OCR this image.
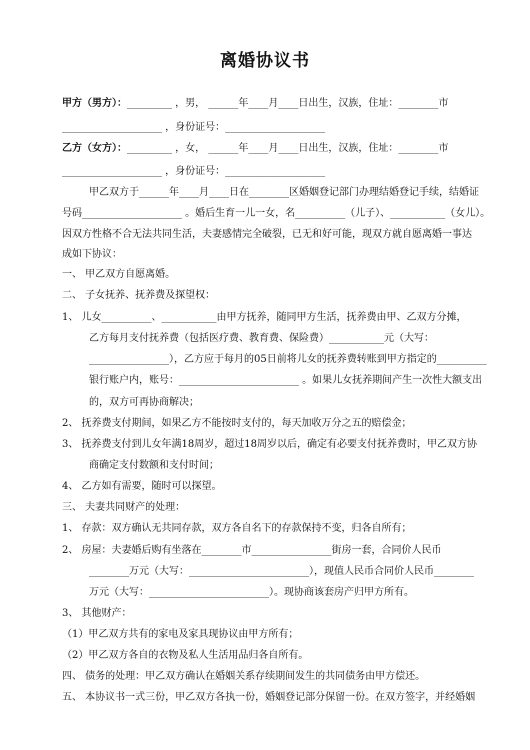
离婚协议书
甲方（男方）：_________ ，男， ______年____月____日出生，汉族，住址：________市
____________________ ，身份证号：____________________
乙方（女方）：_________ ，女， ______年____月____日出生，汉族，住址：________市
____________________ ，身份证号：____________________
甲乙双方于______年____月____日在________区婚姻登记部门办理结婚登记手续，结婚证
号码____________________ 。婚后生育一儿一女，名__________（儿子）、___________（女儿）。
因双方性格不合无法共同生活，夫妻感情完全破裂，已无和好可能，现双方就自愿离婚一事达
成如下协议：
一、 甲乙双方自愿离婚。
二、 子女抚养、抚养费及探望权：
1、 儿女__________、___________由甲方抚养，随同甲方生活，抚养费由甲、乙双方分摊，
乙方每月支付抚养费（包括医疗费、教育费、保险费）___________元（大写：
________________），乙方应于每月的05日前将儿女的抚养费转账到甲方指定的__________
银行账户内，账号：________________________ 。如果儿女抚养期间产生一次性大额支出
的，双方可再协商解决；
2、 抚养费支付期间，如果乙方不能按时支付的，每天加收万分之五的赔偿金；
3、 抚养费支付到儿女年满18周岁，超过18周岁以后，确定有必要支付抚养费时，甲乙双方协
商确定支付数额和支付时间；
4、 乙方如有需要，随时可以探望。
三、 夫妻共同财产的处理：
1、 存款：双方确认无共同存款，双方各自名下的存款保持不变，归各自所有；
2、 房屋：夫妻婚后购有坐落在________市________________街房一套，合同价人民币
________万元（大写：________________________），现值人民币合同价人民币________
万元（大写：________________________）。现协商该套房产归甲方所有。
3、 其他财产：
（1）甲乙双方共有的家电及家具现协议由甲方所有；
（2）甲乙双方各自的衣物及私人生活用品归各自所有。
四、 债务的处理：甲乙双方确认在婚姻关系存续期间发生的共同债务由甲方偿还。
五、 本协议书一式三份，甲乙双方各执一份，婚姻登记部分保留一份。在双方签字，并经婚姻
